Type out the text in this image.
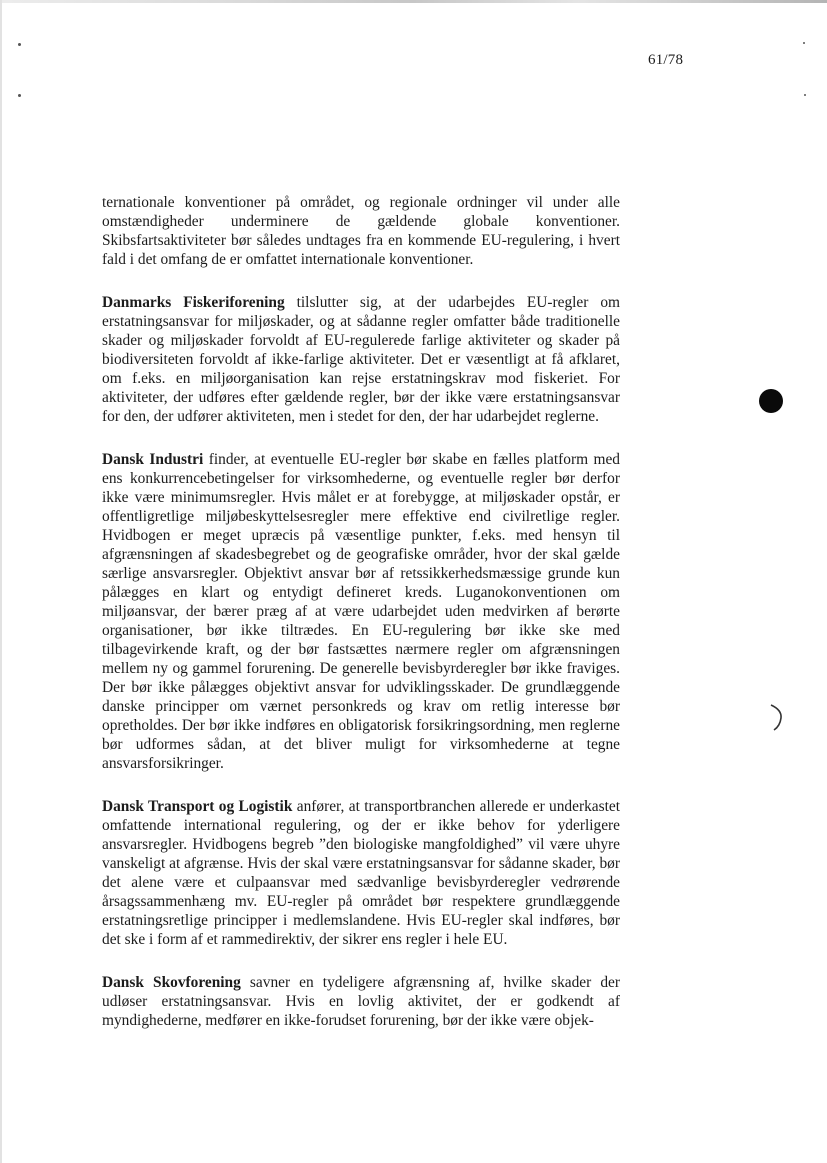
61/78

ternationale konventioner på området, og regionale ordninger vil under alle omstændigheder underminere de gældende globale konventioner. Skibsfartsaktiviteter bør således undtages fra en kommende EU-regulering, i hvert fald i det omfang de er omfattet internationale konventioner.

Danmarks Fiskeriforening tilslutter sig, at der udarbejdes EU-regler om erstatningsansvar for miljøskader, og at sådanne regler omfatter både traditionelle skader og miljøskader forvoldt af EU-regulerede farlige aktiviteter og skader på biodiversiteten forvoldt af ikke-farlige aktiviteter. Det er væsentligt at få afklaret, om f.eks. en miljøorganisation kan rejse erstatningskrav mod fiskeriet. For aktiviteter, der udføres efter gældende regler, bør der ikke være erstatningsansvar for den, der udfører aktiviteten, men i stedet for den, der har udarbejdet reglerne.

Dansk Industri finder, at eventuelle EU-regler bør skabe en fælles platform med ens konkurrencebetingelser for virksomhederne, og eventuelle regler bør derfor ikke være minimumsregler. Hvis målet er at forebygge, at miljøskader opstår, er offentligretlige miljøbeskyttelsesregler mere effektive end civilretlige regler. Hvidbogen er meget upræcis på væsentlige punkter, f.eks. med hensyn til afgrænsningen af skadesbegrebet og de geografiske områder, hvor der skal gælde særlige ansvarsregler. Objektivt ansvar bør af retssikkerhedsmæssige grunde kun pålægges en klart og entydigt defineret kreds. Luganokonventionen om miljøansvar, der bærer præg af at være udarbejdet uden medvirken af berørte organisationer, bør ikke tiltrædes. En EU-regulering bør ikke ske med tilbagevirkende kraft, og der bør fastsættes nærmere regler om afgrænsningen mellem ny og gammel forurening. De generelle bevisbyrderegler bør ikke fraviges. Der bør ikke pålægges objektivt ansvar for udviklingsskader. De grundlæggende danske principper om værnet personkreds og krav om retlig interesse bør opretholdes. Der bør ikke indføres en obligatorisk forsikringsordning, men reglerne bør udformes sådan, at det bliver muligt for virksomhederne at tegne ansvarsforsikringer.

Dansk Transport og Logistik anfører, at transportbranchen allerede er underkastet omfattende international regulering, og der er ikke behov for yderligere ansvarsregler. Hvidbogens begreb ”den biologiske mangfoldighed” vil være uhyre vanskeligt at afgrænse. Hvis der skal være erstatningsansvar for sådanne skader, bør det alene være et culpaansvar med sædvanlige bevisbyrderegler vedrørende årsagssammenhæng mv. EU-regler på området bør respektere grundlæggende erstatningsretlige principper i medlemslandene. Hvis EU-regler skal indføres, bør det ske i form af et rammedirektiv, der sikrer ens regler i hele EU.

Dansk Skovforening savner en tydeligere afgrænsning af, hvilke skader der udløser erstatningsansvar. Hvis en lovlig aktivitet, der er godkendt af myndighederne, medfører en ikke-forudset forurening, bør der ikke være objek-
